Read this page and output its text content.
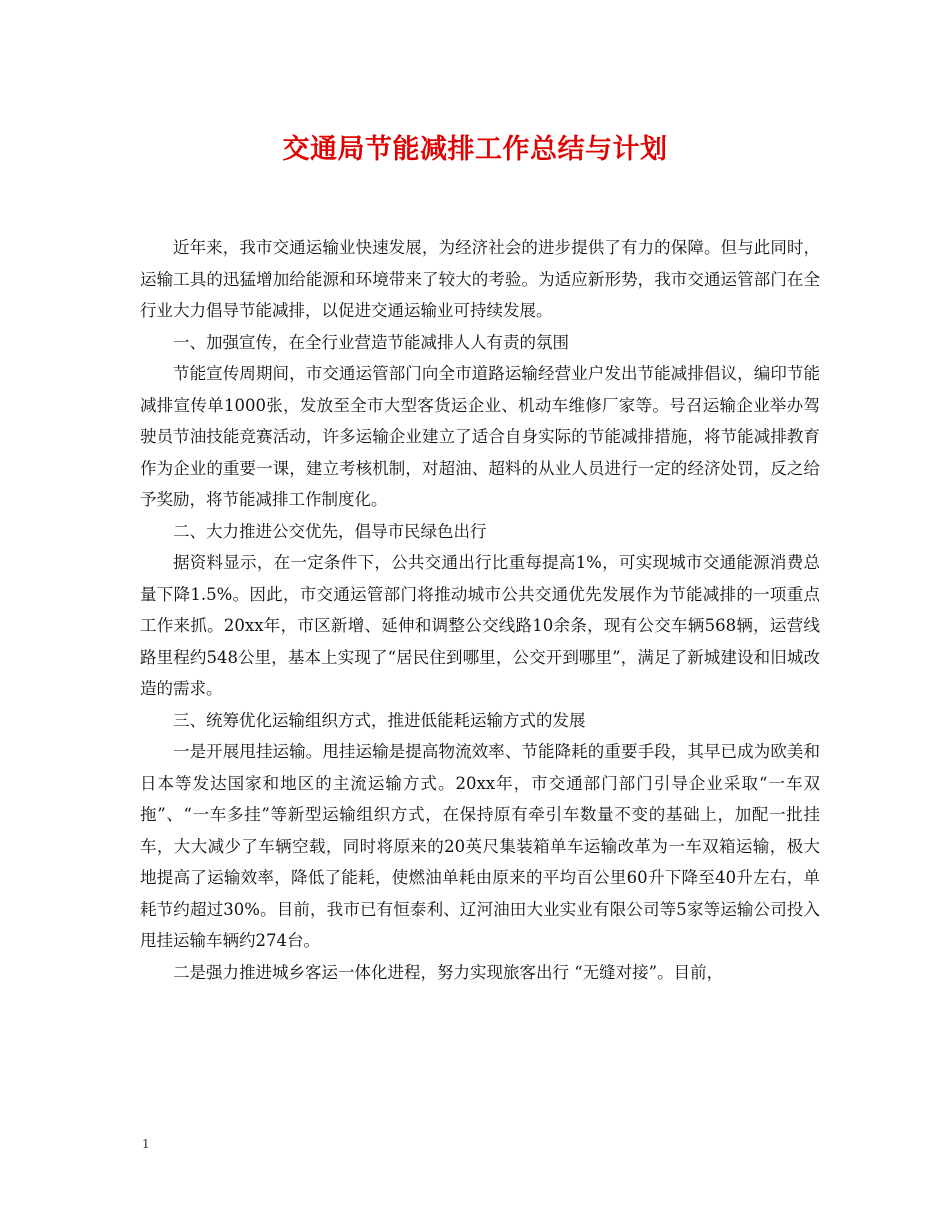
交通局节能减排工作总结与计划

近年来，我市交通运输业快速发展，为经济社会的进步提供了有力的保障。但与此同时，运输工具的迅猛增加给能源和环境带来了较大的考验。为适应新形势，我市交通运管部门在全行业大力倡导节能减排，以促进交通运输业可持续发展。

一、加强宣传，在全行业营造节能减排人人有责的氛围

节能宣传周期间，市交通运管部门向全市道路运输经营业户发出节能减排倡议，编印节能减排宣传单1000张，发放至全市大型客货运企业、机动车维修厂家等。号召运输企业举办驾驶员节油技能竞赛活动，许多运输企业建立了适合自身实际的节能减排措施，将节能减排教育作为企业的重要一课，建立考核机制，对超油、超料的从业人员进行一定的经济处罚，反之给予奖励，将节能减排工作制度化。

二、大力推进公交优先，倡导市民绿色出行

据资料显示，在一定条件下，公共交通出行比重每提高1%，可实现城市交通能源消费总量下降1.5%。因此，市交通运管部门将推动城市公共交通优先发展作为节能减排的一项重点工作来抓。20xx年，市区新增、延伸和调整公交线路10余条，现有公交车辆568辆，运营线路里程约548公里，基本上实现了“居民住到哪里，公交开到哪里”，满足了新城建设和旧城改造的需求。

三、统筹优化运输组织方式，推进低能耗运输方式的发展

一是开展甩挂运输。甩挂运输是提高物流效率、节能降耗的重要手段，其早已成为欧美和日本等发达国家和地区的主流运输方式。20xx年，市交通部门部门引导企业采取“一车双拖”、“一车多挂”等新型运输组织方式，在保持原有牵引车数量不变的基础上，加配一批挂车，大大减少了车辆空载，同时将原来的20英尺集装箱单车运输改革为一车双箱运输，极大地提高了运输效率，降低了能耗，使燃油单耗由原来的平均百公里60升下降至40升左右，单耗节约超过30%。目前，我市已有恒泰利、辽河油田大业实业有限公司等5家等运输公司投入甩挂运输车辆约274台。

二是强力推进城乡客运一体化进程，努力实现旅客出行 “无缝对接”。目前，

1
